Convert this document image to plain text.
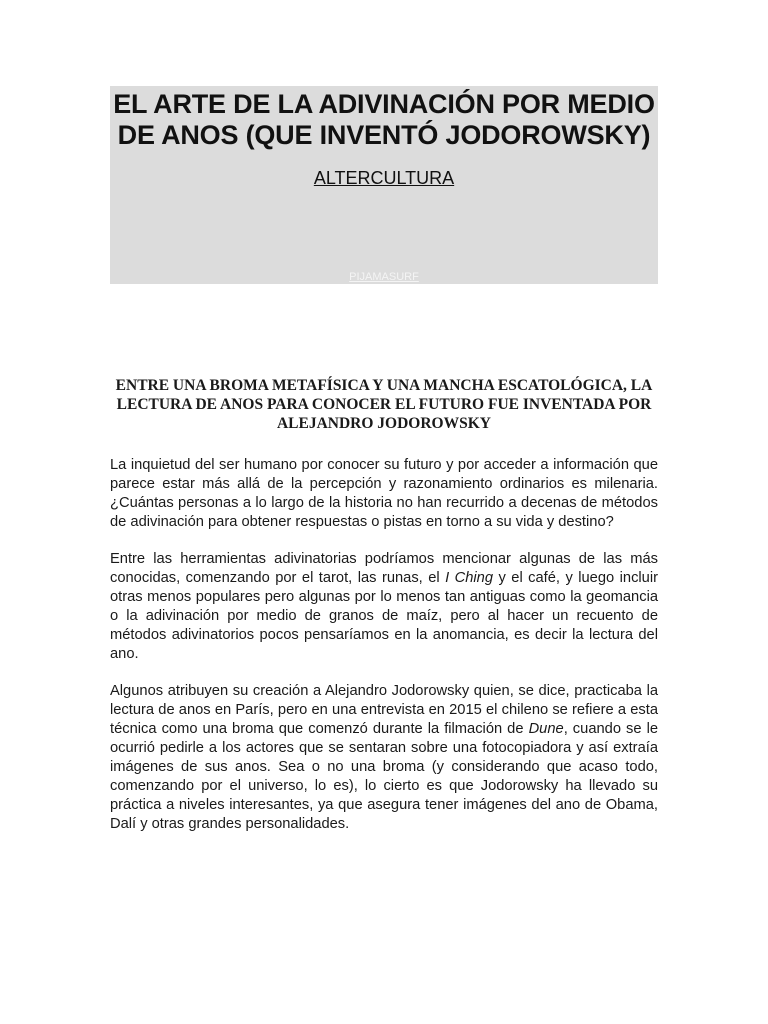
EL ARTE DE LA ADIVINACIÓN POR MEDIO DE ANOS (QUE INVENTÓ JODOROWSKY)
ALTERCULTURA
PIJAMASURF
ENTRE UNA BROMA METAFÍSICA Y UNA MANCHA ESCATOLÓGICA, LA LECTURA DE ANOS PARA CONOCER EL FUTURO FUE INVENTADA POR ALEJANDRO JODOROWSKY

La inquietud del ser humano por conocer su futuro y por acceder a información que parece estar más allá de la percepción y razonamiento ordinarios es milenaria. ¿Cuántas personas a lo largo de la historia no han recurrido a decenas de métodos de adivinación para obtener respuestas o pistas en torno a su vida y destino?

Entre las herramientas adivinatorias podríamos mencionar algunas de las más conocidas, comenzando por el tarot, las runas, el I Ching y el café, y luego incluir otras menos populares pero algunas por lo menos tan antiguas como la geomancia o la adivinación por medio de granos de maíz, pero al hacer un recuento de métodos adivinatorios pocos pensaríamos en la anomancia, es decir la lectura del ano.

Algunos atribuyen su creación a Alejandro Jodorowsky quien, se dice, practicaba la lectura de anos en París, pero en una entrevista en 2015 el chileno se refiere a esta técnica como una broma que comenzó durante la filmación de Dune, cuando se le ocurrió pedirle a los actores que se sentaran sobre una fotocopiadora y así extraía imágenes de sus anos. Sea o no una broma (y considerando que acaso todo, comenzando por el universo, lo es), lo cierto es que Jodorowsky ha llevado su práctica a niveles interesantes, ya que asegura tener imágenes del ano de Obama, Dalí y otras grandes personalidades.
